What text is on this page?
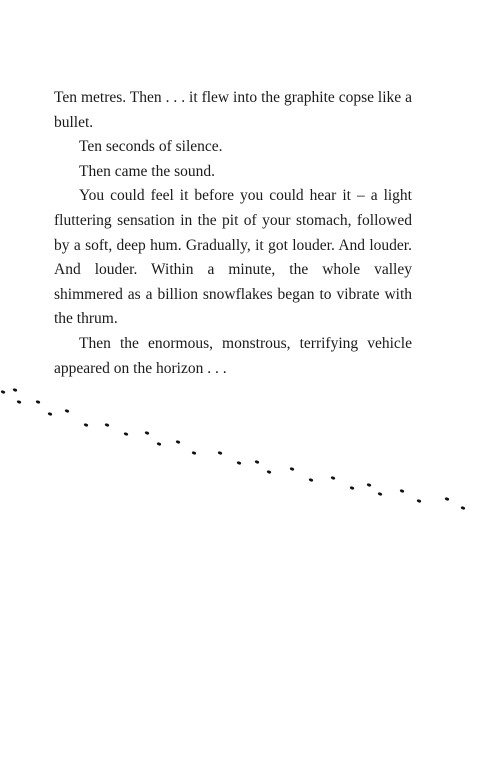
Ten metres. Then . . . it flew into the graphite copse like a bullet.

Ten seconds of silence.

Then came the sound.

You could feel it before you could hear it – a light fluttering sensation in the pit of your stomach, followed by a soft, deep hum. Gradually, it got louder. And louder. And louder. Within a minute, the whole valley shimmered as a billion snowflakes began to vibrate with the thrum.

Then the enormous, monstrous, terrifying vehicle appeared on the horizon . . .
